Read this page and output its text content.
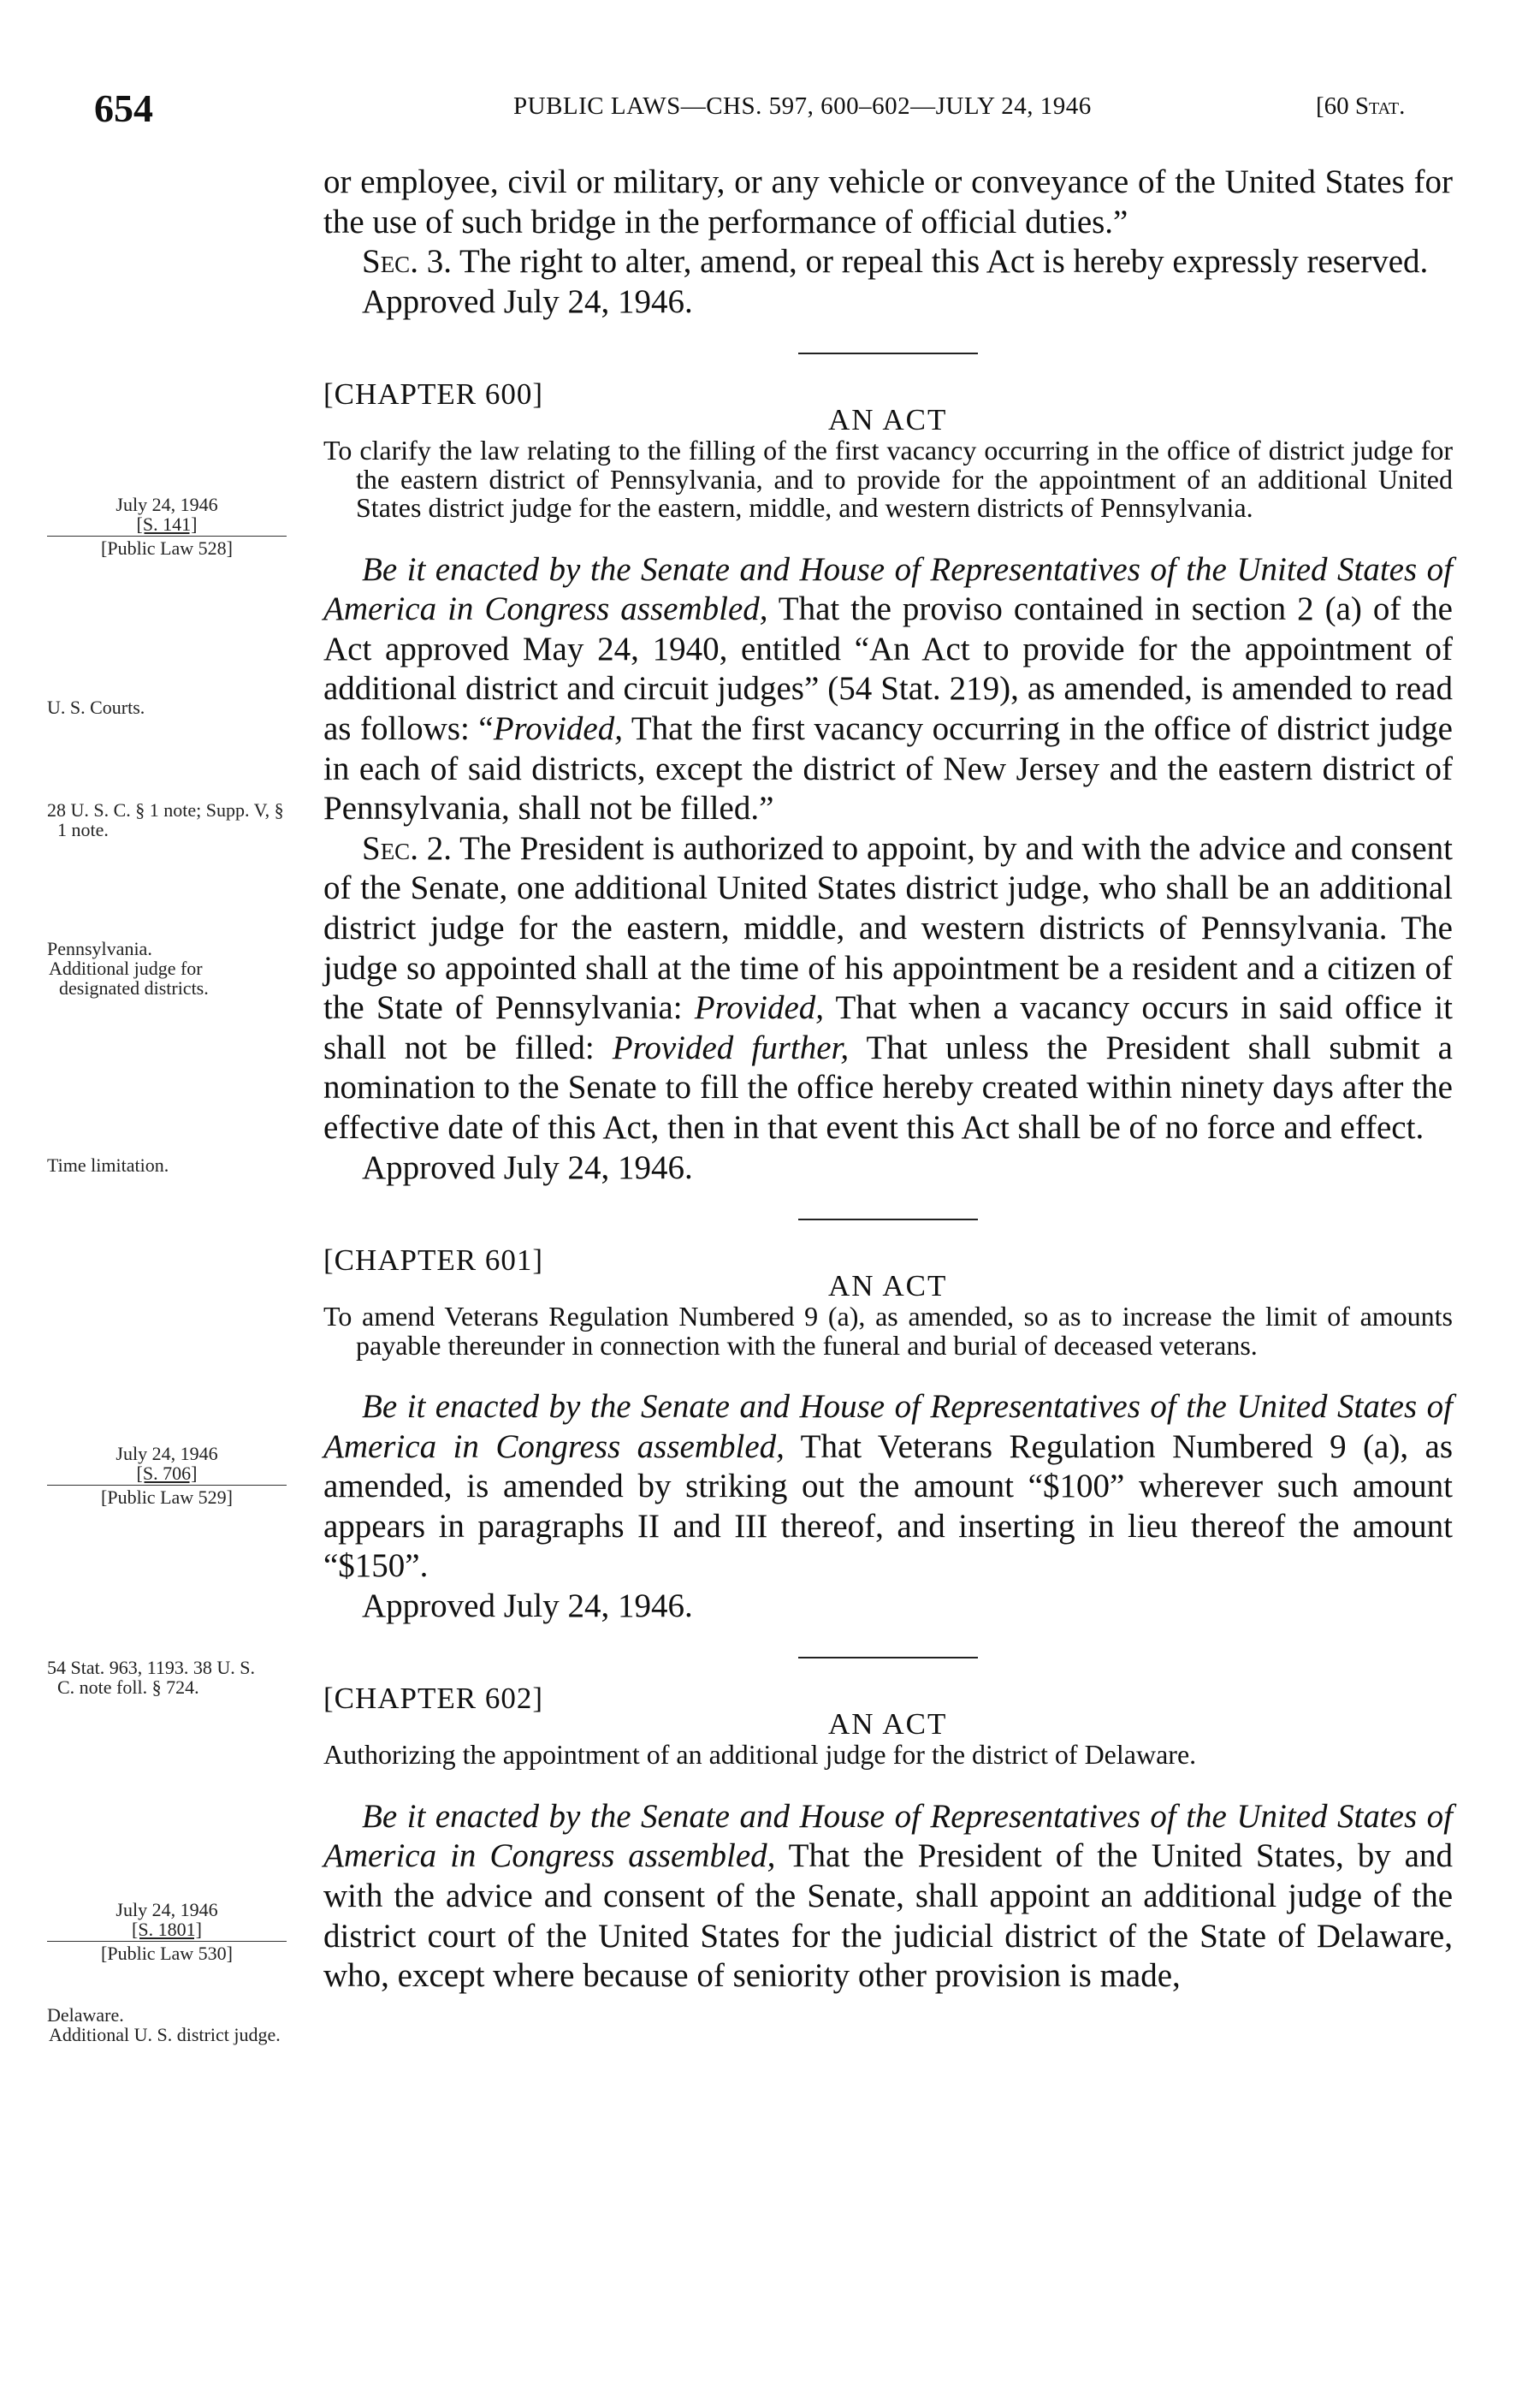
654	PUBLIC LAWS—CHS. 597, 600–602—JULY 24, 1946	[60 Stat.
July 24, 1946
[S. 141]
[Public Law 528]
U. S. Courts.
28 U. S. C. § 1 note; Supp. V, § 1 note.
Pennsylvania.
Additional judge for designated districts.
Time limitation.
July 24, 1946
[S. 706]
[Public Law 529]
54 Stat. 963, 1193. 38 U. S. C. note foll. § 724.
July 24, 1946
[S. 1801]
[Public Law 530]
Delaware.
Additional U. S. district judge.

or employee, civil or military, or any vehicle or conveyance of the United States for the use of such bridge in the performance of official duties.”

Sec. 3. The right to alter, amend, or repeal this Act is hereby expressly reserved.

Approved July 24, 1946.

[CHAPTER 600]
AN ACT

To clarify the law relating to the filling of the first vacancy occurring in the office of district judge for the eastern district of Pennsylvania, and to provide for the appointment of an additional United States district judge for the eastern, middle, and western districts of Pennsylvania.

Be it enacted by the Senate and House of Representatives of the United States of America in Congress assembled, That the proviso contained in section 2 (a) of the Act approved May 24, 1940, entitled “An Act to provide for the appointment of additional district and circuit judges” (54 Stat. 219), as amended, is amended to read as follows: “Provided, That the first vacancy occurring in the office of district judge in each of said districts, except the district of New Jersey and the eastern district of Pennsylvania, shall not be filled.”

Sec. 2. The President is authorized to appoint, by and with the advice and consent of the Senate, one additional United States district judge, who shall be an additional district judge for the eastern, middle, and western districts of Pennsylvania. The judge so appointed shall at the time of his appointment be a resident and a citizen of the State of Pennsylvania: Provided, That when a vacancy occurs in said office it shall not be filled: Provided further, That unless the President shall submit a nomination to the Senate to fill the office hereby created within ninety days after the effective date of this Act, then in that event this Act shall be of no force and effect.

Approved July 24, 1946.

[CHAPTER 601]
AN ACT

To amend Veterans Regulation Numbered 9 (a), as amended, so as to increase the limit of amounts payable thereunder in connection with the funeral and burial of deceased veterans.

Be it enacted by the Senate and House of Representatives of the United States of America in Congress assembled, That Veterans Regulation Numbered 9 (a), as amended, is amended by striking out the amount “$100” wherever such amount appears in paragraphs II and III thereof, and inserting in lieu thereof the amount “$150”.

Approved July 24, 1946.

[CHAPTER 602]
AN ACT

Authorizing the appointment of an additional judge for the district of Delaware.

Be it enacted by the Senate and House of Representatives of the United States of America in Congress assembled, That the President of the United States, by and with the advice and consent of the Senate, shall appoint an additional judge of the district court of the United States for the judicial district of the State of Delaware, who, except where because of seniority other provision is made,
